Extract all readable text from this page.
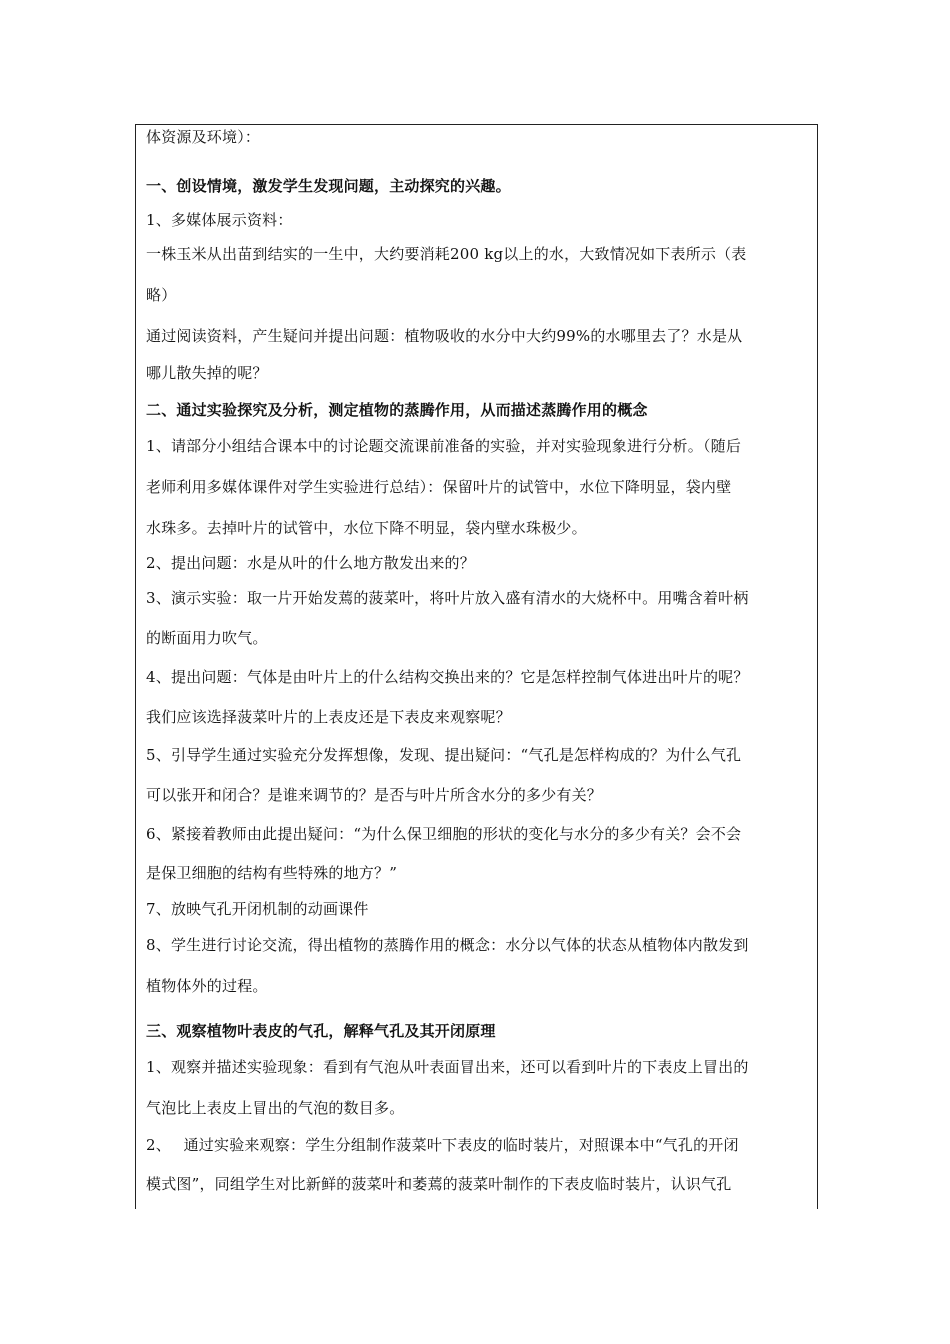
体资源及环境）：
一、创设情境，激发学生发现问题，主动探究的兴趣。
1、多媒体展示资料：
一株玉米从出苗到结实的一生中，大约要消耗200 kg以上的水，大致情况如下表所示（表
略）
通过阅读资料，产生疑问并提出问题：植物吸收的水分中大约99%的水哪里去了？水是从
哪儿散失掉的呢？
二、通过实验探究及分析，测定植物的蒸腾作用，从而描述蒸腾作用的概念
1、请部分小组结合课本中的讨论题交流课前准备的实验，并对实验现象进行分析。（随后
老师利用多媒体课件对学生实验进行总结）：保留叶片的试管中，水位下降明显，袋内壁
水珠多。去掉叶片的试管中，水位下降不明显，袋内壁水珠极少。
2、提出问题：水是从叶的什么地方散发出来的？
3、演示实验：取一片开始发蔫的菠菜叶，将叶片放入盛有清水的大烧杯中。用嘴含着叶柄
的断面用力吹气。
4、提出问题：气体是由叶片上的什么结构交换出来的？它是怎样控制气体进出叶片的呢？
我们应该选择菠菜叶片的上表皮还是下表皮来观察呢？
5、引导学生通过实验充分发挥想像，发现、提出疑问：“气孔是怎样构成的？为什么气孔
可以张开和闭合？是谁来调节的？是否与叶片所含水分的多少有关？
6、紧接着教师由此提出疑问：“为什么保卫细胞的形状的变化与水分的多少有关？会不会
是保卫细胞的结构有些特殊的地方？”
7、放映气孔开闭机制的动画课件
8、学生进行讨论交流，得出植物的蒸腾作用的概念：水分以气体的状态从植物体内散发到
植物体外的过程。
三、观察植物叶表皮的气孔，解释气孔及其开闭原理
1、观察并描述实验现象：看到有气泡从叶表面冒出来，还可以看到叶片的下表皮上冒出的
气泡比上表皮上冒出的气泡的数目多。
2、　 通过实验来观察：学生分组制作菠菜叶下表皮的临时装片，对照课本中“气孔的开闭
模式图”，同组学生对比新鲜的菠菜叶和萎蔫的菠菜叶制作的下表皮临时装片，认识气孔
